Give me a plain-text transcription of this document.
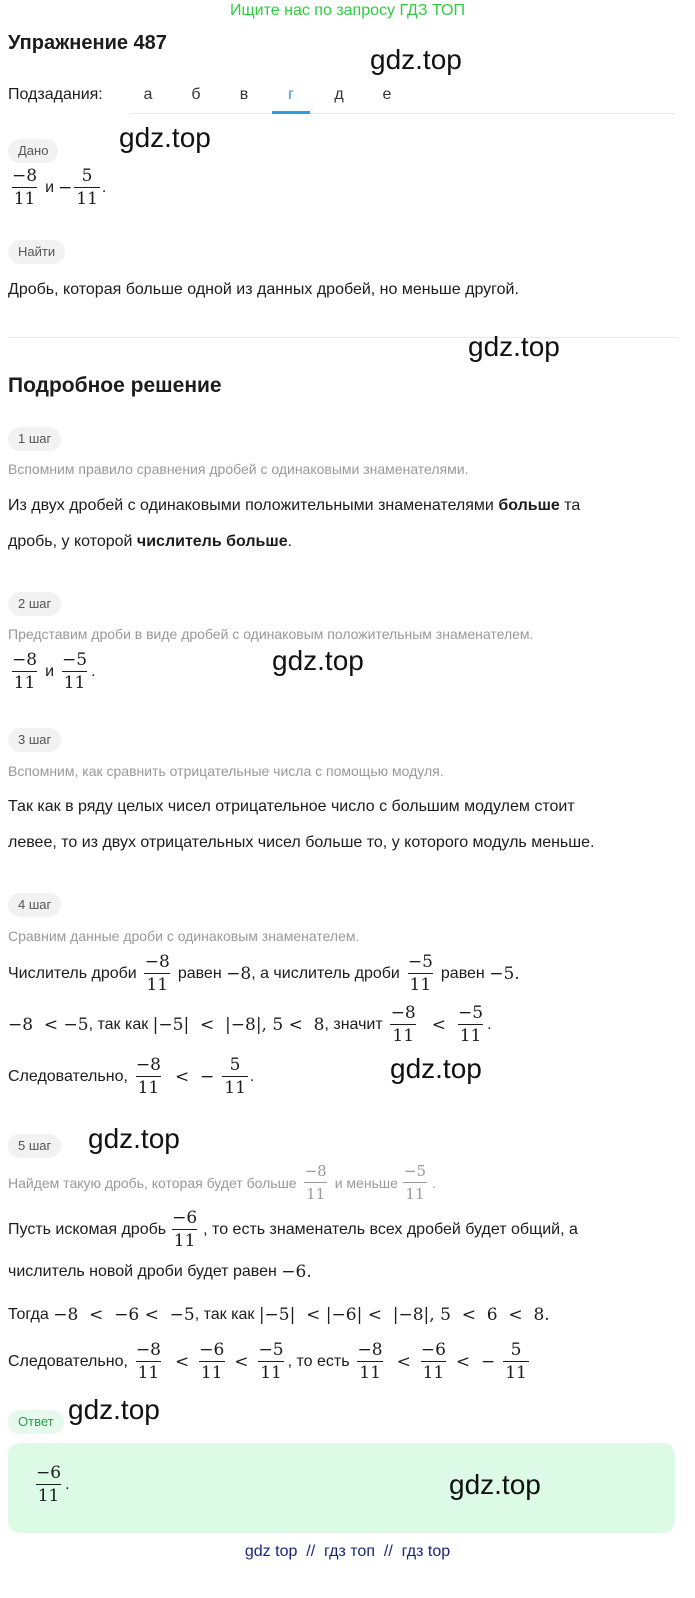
Ищите нас по запросу ГДЗ ТОП
Упражнение 487
gdz.top
Подзадания:	а	б	в	г	д	е
Дано	gdz.top
$\frac{-8}{11}$ $и - \frac{5}{11}$ .
Найти
Дробь, которая больше одной из данных дробей, но меньше другой.
gdz.top
Подробное решение
1 шаг
Вспомним правило сравнения дробей с одинаковыми знаменателями.
Из двух дробей с одинаковыми положительными знаменателями больше та
дробь, у которой числитель больше.
2 шаг
Представим дроби в виде дробей с одинаковым положительным знаменателем.
$\frac{-8}{11}$ и $\frac{-5}{11}$ .	gdz.top
3 шаг
Вспомним, как сравнить отрицательные числа с помощью модуля.
Так как в ряду целых чисел отрицательное число с большим модулем стоит
левее, то из двух отрицательных чисел больше то, у которого модуль меньше.
4 шаг
Сравним данные дроби с одинаковым знаменателем.
Числитель дроби $\frac{-8}{11}$ равен
−8 , а числитель дроби $\frac{-5}{11}$ равен
−5.
−8  < −5 , так как
|−5|  <  |−8|, 5 <  8 , значит $\frac{-8}{11} < \frac{-5}{11}$ .
Следовательно, $\frac{-8}{11}$ <  − $\frac{5}{11}$ .	gdz.top
5 шаг	gdz.top
Найдем такую дробь, которая будет больше $\frac{-8}{11}$ и меньше $\frac{-5}{11}$ .
Пусть искомая дробь $\frac{-6}{11}$ , то есть знаменатель всех дробей будет общий, а
числитель новой дроби будет равен
−6.
Тогда
−8  <  −6 <  −5 , так как
|−5|  < |−6| <  |−8|, 5  <  6  <  8.
Следовательно, $\frac{-8}{11} < \frac{-6}{11} < \frac{-5}{11}$ , то есть $\frac{-8}{11} < \frac{-6}{11}$ <  − $\frac{5}{11}$
Ответ gdz.top
$\frac{-6}{11}$ .	gdz.top
gdz top  //  гдз топ  //  гдз top
